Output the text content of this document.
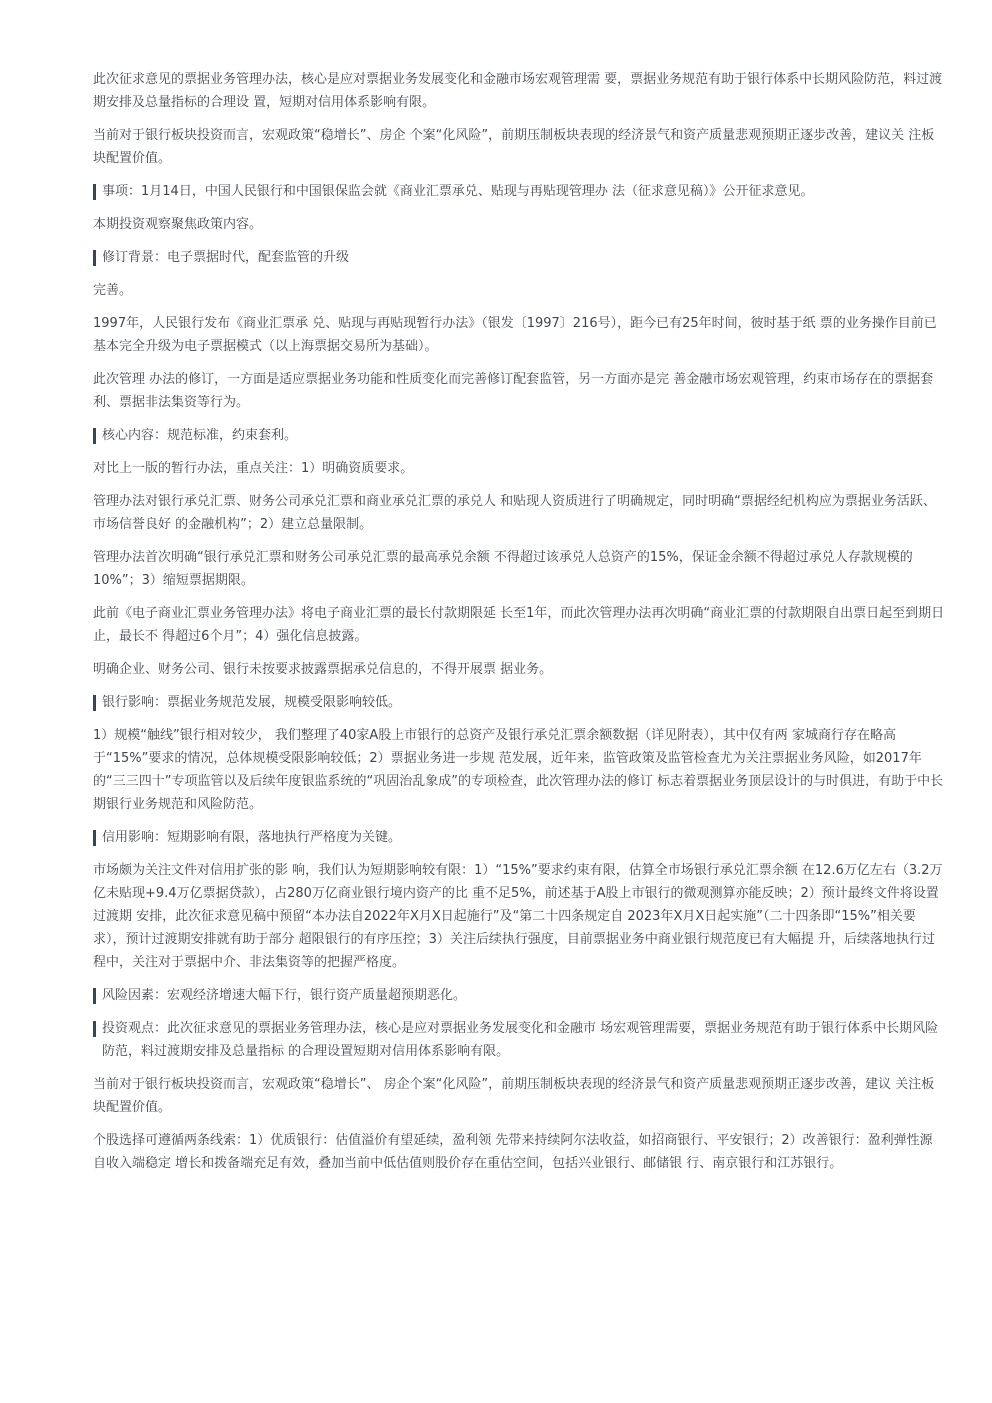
此次征求意见的票据业务管理办法，核心是应对票据业务发展变化和金融市场宏观管理需 要，票据业务规范有助于银行体系中长期风险防范，料过渡期安排及总量指标的合理设 置，短期对信用体系影响有限。

当前对于银行板块投资而言，宏观政策“稳增长”、房企 个案“化风险”，前期压制板块表现的经济景气和资产质量悲观预期正逐步改善，建议关 注板块配置价值。

事项：1月14日，中国人民银行和中国银保监会就《商业汇票承兑、贴现与再贴现管理办 法（征求意见稿）》公开征求意见。

本期投资观察聚焦政策内容。

修订背景：电子票据时代，配套监管的升级

完善。

1997年，人民银行发布《商业汇票承 兑、贴现与再贴现暂行办法》（银发〔1997〕216号），距今已有25年时间，彼时基于纸 票的业务操作目前已基本完全升级为电子票据模式（以上海票据交易所为基础）。

此次管理 办法的修订，一方面是适应票据业务功能和性质变化而完善修订配套监管，另一方面亦是完 善金融市场宏观管理，约束市场存在的票据套利、票据非法集资等行为。

核心内容：规范标准，约束套利。

对比上一版的暂行办法，重点关注：1）明确资质要求。

管理办法对银行承兑汇票、财务公司承兑汇票和商业承兑汇票的承兑人 和贴现人资质进行了明确规定，同时明确“票据经纪机构应为票据业务活跃、市场信誉良好 的金融机构”；2）建立总量限制。

管理办法首次明确“银行承兑汇票和财务公司承兑汇票的最高承兑余额 不得超过该承兑人总资产的15%，保证金余额不得超过承兑人存款规模的10%”；3）缩短票据期限。

此前《电子商业汇票业务管理办法》将电子商业汇票的最长付款期限延 长至1年，而此次管理办法再次明确“商业汇票的付款期限自出票日起至到期日止，最长不 得超过6个月”；4）强化信息披露。

明确企业、财务公司、银行未按要求披露票据承兑信息的，不得开展票 据业务。

银行影响：票据业务规范发展，规模受限影响较低。

1）规模“触线”银行相对较少， 我们整理了40家A股上市银行的总资产及银行承兑汇票余额数据（详见附表），其中仅有两 家城商行存在略高于“15%”要求的情况，总体规模受限影响较低；2）票据业务进一步规 范发展，近年来，监管政策及监管检查尤为关注票据业务风险，如2017年的“三三四十”专项监管以及后续年度银监系统的“巩固治乱象成”的专项检查，此次管理办法的修订 标志着票据业务顶层设计的与时俱进，有助于中长期银行业务规范和风险防范。

信用影响：短期影响有限，落地执行严格度为关键。

市场颇为关注文件对信用扩张的影 响，我们认为短期影响较有限：1）“15%”要求约束有限，估算全市场银行承兑汇票余额 在12.6万亿左右（3.2万亿未贴现+9.4万亿票据贷款），占280万亿商业银行境内资产的比 重不足5%，前述基于A股上市银行的微观测算亦能反映；2）预计最终文件将设置过渡期 安排，此次征求意见稿中预留“本办法自2022年X月X日起施行”及“第二十四条规定自 2023年X月X日起实施”（二十四条即“15%”相关要求），预计过渡期安排就有助于部分 超限银行的有序压控；3）关注后续执行强度，目前票据业务中商业银行规范度已有大幅提 升，后续落地执行过程中，关注对于票据中介、非法集资等的把握严格度。

风险因素：宏观经济增速大幅下行，银行资产质量超预期恶化。
投资观点：此次征求意见的票据业务管理办法，核心是应对票据业务发展变化和金融市 场宏观管理需要，票据业务规范有助于银行体系中长期风险防范，料过渡期安排及总量指标 的合理设置短期对信用体系影响有限。

当前对于银行板块投资而言，宏观政策“稳增长”、 房企个案“化风险”，前期压制板块表现的经济景气和资产质量悲观预期正逐步改善，建议 关注板块配置价值。

个股选择可遵循两条线索：1）优质银行：估值溢价有望延续，盈利领 先带来持续阿尔法收益，如招商银行、平安银行；2）改善银行：盈利弹性源自收入端稳定 增长和拨备端充足有效，叠加当前中低估值则股价存在重估空间，包括兴业银行、邮储银 行、南京银行和江苏银行。
